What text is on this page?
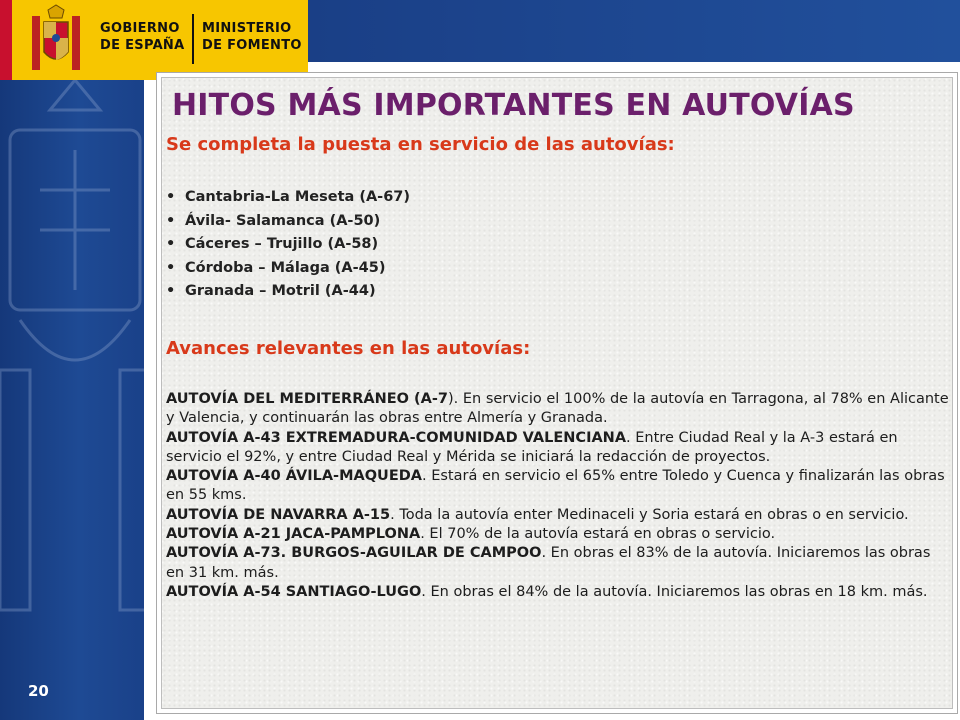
20
GOBIERNO
DE ESPAÑA
MINISTERIO
DE FOMENTO
HITOS MÁS IMPORTANTES EN AUTOVÍAS
Se completa la puesta en servicio de las autovías:
• Cantabria-La Meseta (A-67)
• Ávila- Salamanca (A-50)
• Cáceres – Trujillo (A-58)
• Córdoba – Málaga (A-45)
• Granada – Motril (A-44)
Avances relevantes en las autovías:

AUTOVÍA DEL MEDITERRÁNEO (A-7). En servicio el 100% de la autovía en Tarragona, al 78% en Alicante y Valencia, y continuarán las obras entre Almería y Granada.

AUTOVÍA A-43 EXTREMADURA-COMUNIDAD VALENCIANA. Entre Ciudad Real y la A-3 estará en servicio el 92%, y entre Ciudad Real y Mérida se iniciará la redacción de proyectos.

AUTOVÍA A-40 ÁVILA-MAQUEDA. Estará en servicio el 65% entre Toledo y Cuenca y finalizarán las obras en 55 kms.

AUTOVÍA DE NAVARRA A-15. Toda la autovía enter Medinaceli y Soria estará en obras o en servicio.

AUTOVÍA A-21 JACA-PAMPLONA. El 70% de la autovía estará en obras o servicio.

AUTOVÍA A-73. BURGOS-AGUILAR DE CAMPOO. En obras el 83% de la autovía. Iniciaremos las obras en 31 km. más.

AUTOVÍA A-54 SANTIAGO-LUGO. En obras el 84% de la autovía. Iniciaremos las obras en 18 km. más.
